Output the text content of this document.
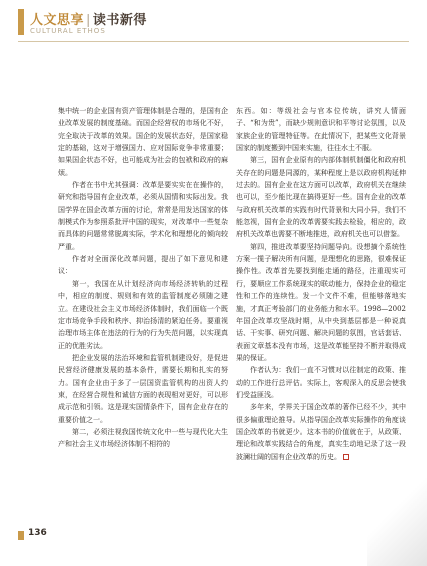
人文思享 | 读书新得
CULTURAL ETHOS

集中统一的企业国有资产管理体制是合理的，是国有企业改革发展的制度基础。而国企经营权的市场化不好，完全取决于改革的效果。国企的发展状态好，是国家稳定的基础，这对于增强国力、应对国际竞争非常重要；如果国企状态不好，也可能成为社会的包袱和政府的麻烦。

作者在书中尤其强调：改革是要实实在在操作的，研究和指导国有企业改革，必须从国情和实际出发。我国学界在国企改革方面的讨论，常常是用发达国家的体制模式作为参照系批评中国的现实，对改革中一些复杂而具体的问题常常脱离实际，学术化和理想化的倾向较严重。

作者对全面深化改革问题，提出了如下意见和建议：

第一，我国在从计划经济向市场经济转轨的过程中，相应的制度、规则和有效的监管制度必须随之建立。在建设社会主义市场经济体制时，我们面临一个既定市场竞争手段和秩序、抑治扬清的紧迫任务。要重视治理市场主体在违法的行为的行为失范问题，以实现真正的优胜劣汰。

把企业发展的法治环境和监管机制建设好，是促进民营经济健康发展的基本条件，需要长期和扎实的努力。国有企业由于多了一层国资监管机构的出资人约束，在经营合规性和诚信方面的表现相对更好，可以形成示范和引领。这是现实国情条件下，国有企业存在的重要价值之一。

第二，必须注视我国传统文化中一些与现代化大生产和社会主义市场经济体制不相符的

东西。如：等级社会与官本位传统，讲究人情面子、“和为贵”，而缺少规则意识和平等讨论氛围，以及家族企业的管理特征等。在此情况下，把某些文化背景国家的制度搬到中国来实施，往往水土不服。

第三，国有企业原有的内部体制机制僵化和政府机关存在的问题是同源的，某种程度上是以政府机构延伸过去的。国有企业在这方面可以改革，政府机关在继续也可以，至少能比现在搞得更好一些。国有企业的改革与政府机关改革的实践有时代背景和大同小异，我们不能忽视，国有企业的改革需要实践去检验，相应的，政府机关改革也需要不断地推进，政府机关也可以借鉴。

第四，推进改革要坚持问题导向。设想摘个系统性方案一揽子解决所有问题，是理想化的思路，很难保证操作性。改革首先要找到能走通的路径，注重现实可行，要顺应工作系统现实的联动能力，保持企业的稳定性和工作的连续性。发一个文件不难，但能够落地实施，才真正考验部门的业务能力和水平。1998—2002年国企改革攻坚战时期，从中央到基层都是一种说真话、干实事、研究问题、解决问题的氛围，官话套话、表面文章基本没有市场，这是改革能坚持不断并取得成果的保证。

作者认为：我们一直不习惯对以往制定的政策、推动的工作进行总评估。实际上，客观深入的反思会使我们受益匪浅。

多年来，学界关于国企改革的著作已经不少，其中很多偏重理论推导。从指导国企改革实际操作的角度谈国企改革的书就更少。这本书的价值就在于，从政策、理论和改革实践结合的角度，真实生动地记录了这一段波澜壮阔的国有企业改革的历史。

136
